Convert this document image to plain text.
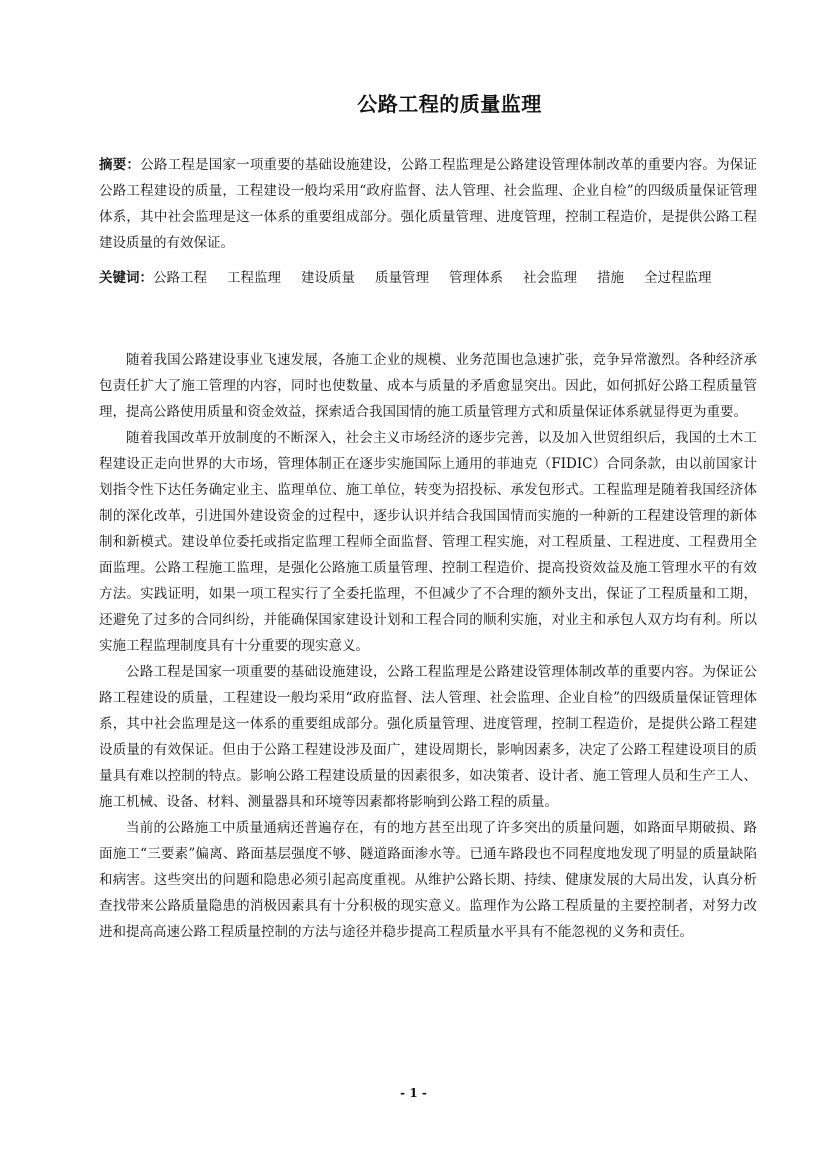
公路工程的质量监理
摘要：公路工程是国家一项重要的基础设施建设，公路工程监理是公路建设管理体制改革的重要内容。为保证公路工程建设的质量，工程建设一般均采用“政府监督、法人管理、社会监理、企业自检”的四级质量保证管理体系，其中社会监理是这一体系的重要组成部分。强化质量管理、进度管理，控制工程造价，是提供公路工程建设质量的有效保证。
关键词：公路工程 工程监理 建设质量 质量管理 管理体系 社会监理 措施 全过程监理

随着我国公路建设事业飞速发展，各施工企业的规模、业务范围也急速扩张，竞争异常激烈。各种经济承包责任扩大了施工管理的内容，同时也使数量、成本与质量的矛盾愈显突出。因此，如何抓好公路工程质量管理，提高公路使用质量和资金效益，探索适合我国国情的施工质量管理方式和质量保证体系就显得更为重要。

随着我国改革开放制度的不断深入，社会主义市场经济的逐步完善，以及加入世贸组织后，我国的土木工程建设正走向世界的大市场，管理体制正在逐步实施国际上通用的菲迪克（FIDIC）合同条款，由以前国家计划指令性下达任务确定业主、监理单位、施工单位，转变为招投标、承发包形式。工程监理是随着我国经济体制的深化改革，引进国外建设资金的过程中，逐步认识并结合我国国情而实施的一种新的工程建设管理的新体制和新模式。建设单位委托或指定监理工程师全面监督、管理工程实施，对工程质量、工程进度、工程费用全面监理。公路工程施工监理，是强化公路施工质量管理、控制工程造价、提高投资效益及施工管理水平的有效方法。实践证明，如果一项工程实行了全委托监理，不但减少了不合理的额外支出，保证了工程质量和工期，还避免了过多的合同纠纷，并能确保国家建设计划和工程合同的顺利实施，对业主和承包人双方均有利。所以实施工程监理制度具有十分重要的现实意义。

公路工程是国家一项重要的基础设施建设，公路工程监理是公路建设管理体制改革的重要内容。为保证公路工程建设的质量，工程建设一般均采用“政府监督、法人管理、社会监理、企业自检”的四级质量保证管理体系，其中社会监理是这一体系的重要组成部分。强化质量管理、进度管理，控制工程造价，是提供公路工程建设质量的有效保证。但由于公路工程建设涉及面广，建设周期长，影响因素多，决定了公路工程建设项目的质量具有难以控制的特点。影响公路工程建设质量的因素很多，如决策者、设计者、施工管理人员和生产工人、施工机械、设备、材料、测量器具和环境等因素都将影响到公路工程的质量。

当前的公路施工中质量通病还普遍存在，有的地方甚至出现了许多突出的质量问题，如路面早期破损、路面施工“三要素”偏离、路面基层强度不够、隧道路面渗水等。已通车路段也不同程度地发现了明显的质量缺陷和病害。这些突出的问题和隐患必须引起高度重视。从维护公路长期、持续、健康发展的大局出发，认真分析查找带来公路质量隐患的消极因素具有十分积极的现实意义。监理作为公路工程质量的主要控制者，对努力改进和提高高速公路工程质量控制的方法与途径并稳步提高工程质量水平具有不能忽视的义务和责任。

- 1 -
